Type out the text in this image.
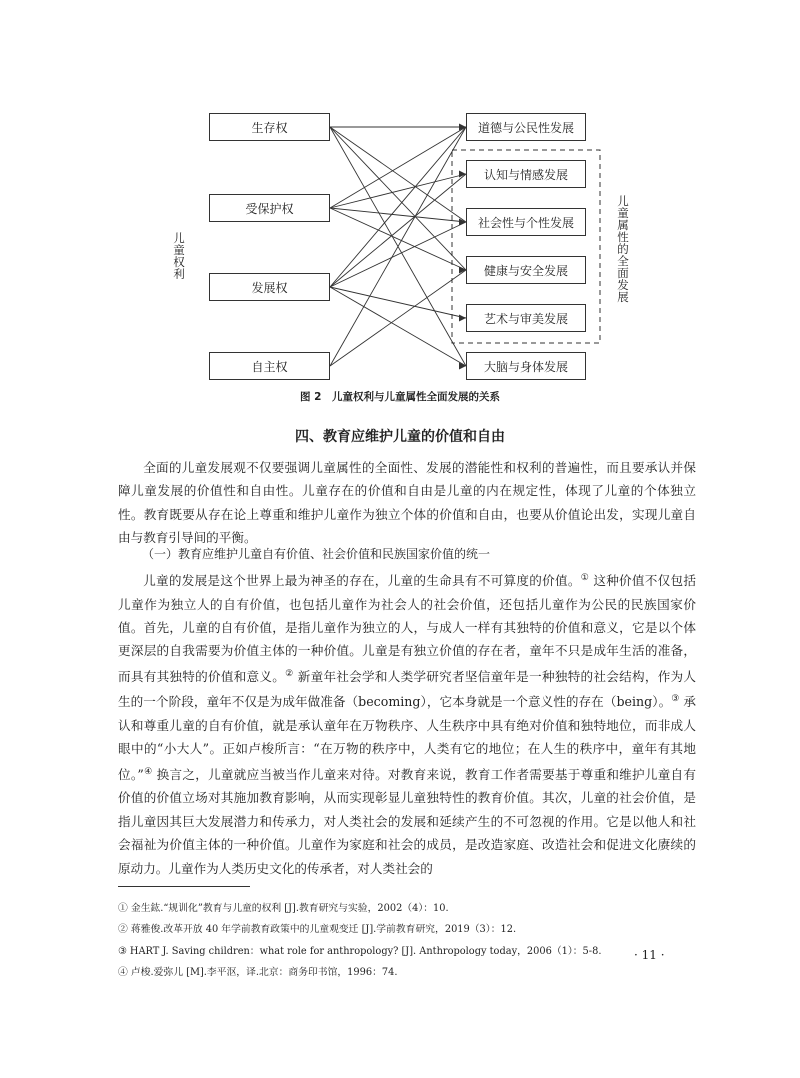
生存权
受保护权
发展权
自主权
道德与公民性发展
认知与情感发展
社会性与个性发展
健康与安全发展
艺术与审美发展
大脑与身体发展
儿
童
权
利
儿
童
属
性
的
全
面
发
展
图 2　儿童权利与儿童属性全面发展的关系
四、教育应维护儿童的价值和自由

全面的儿童发展观不仅要强调儿童属性的全面性、发展的潜能性和权利的普遍性，而且要承认并保障儿童发展的价值性和自由性。儿童存在的价值和自由是儿童的内在规定性，体现了儿童的个体独立性。教育既要从存在论上尊重和维护儿童作为独立个体的价值和自由，也要从价值论出发，实现儿童自由与教育引导间的平衡。

（一）教育应维护儿童自有价值、社会价值和民族国家价值的统一

儿童的发展是这个世界上最为神圣的存在，儿童的生命具有不可算度的价值。① 这种价值不仅包括儿童作为独立人的自有价值，也包括儿童作为社会人的社会价值，还包括儿童作为公民的民族国家价值。首先，儿童的自有价值，是指儿童作为独立的人，与成人一样有其独特的价值和意义，它是以个体更深层的自我需要为价值主体的一种价值。儿童是有独立价值的存在者，童年不只是成年生活的准备，而具有其独特的价值和意义。② 新童年社会学和人类学研究者坚信童年是一种独特的社会结构，作为人生的一个阶段，童年不仅是为成年做准备（becoming），它本身就是一个意义性的存在（being）。③ 承认和尊重儿童的自有价值，就是承认童年在万物秩序、人生秩序中具有绝对价值和独特地位，而非成人眼中的“小大人”。正如卢梭所言：“在万物的秩序中，人类有它的地位；在人生的秩序中，童年有其地位。”④ 换言之，儿童就应当被当作儿童来对待。对教育来说，教育工作者需要基于尊重和维护儿童自有价值的价值立场对其施加教育影响，从而实现彰显儿童独特性的教育价值。其次，儿童的社会价值，是指儿童因其巨大发展潜力和传承力，对人类社会的发展和延续产生的不可忽视的作用。它是以他人和社会福祉为价值主体的一种价值。儿童作为家庭和社会的成员，是改造家庭、改造社会和促进文化赓续的原动力。儿童作为人类历史文化的传承者，对人类社会的

① 金生鈜.“规训化”教育与儿童的权利 [J].教育研究与实验，2002（4）：10.
② 蒋雅俊.改革开放 40 年学前教育政策中的儿童观变迁 [J].学前教育研究，2019（3）：12.
③ HART J. Saving children：what role for anthropology? [J]. Anthropology today，2006（1）：5-8.
④ 卢梭.爱弥儿 [M].李平沤，译.北京：商务印书馆，1996：74.
· 11 ·
